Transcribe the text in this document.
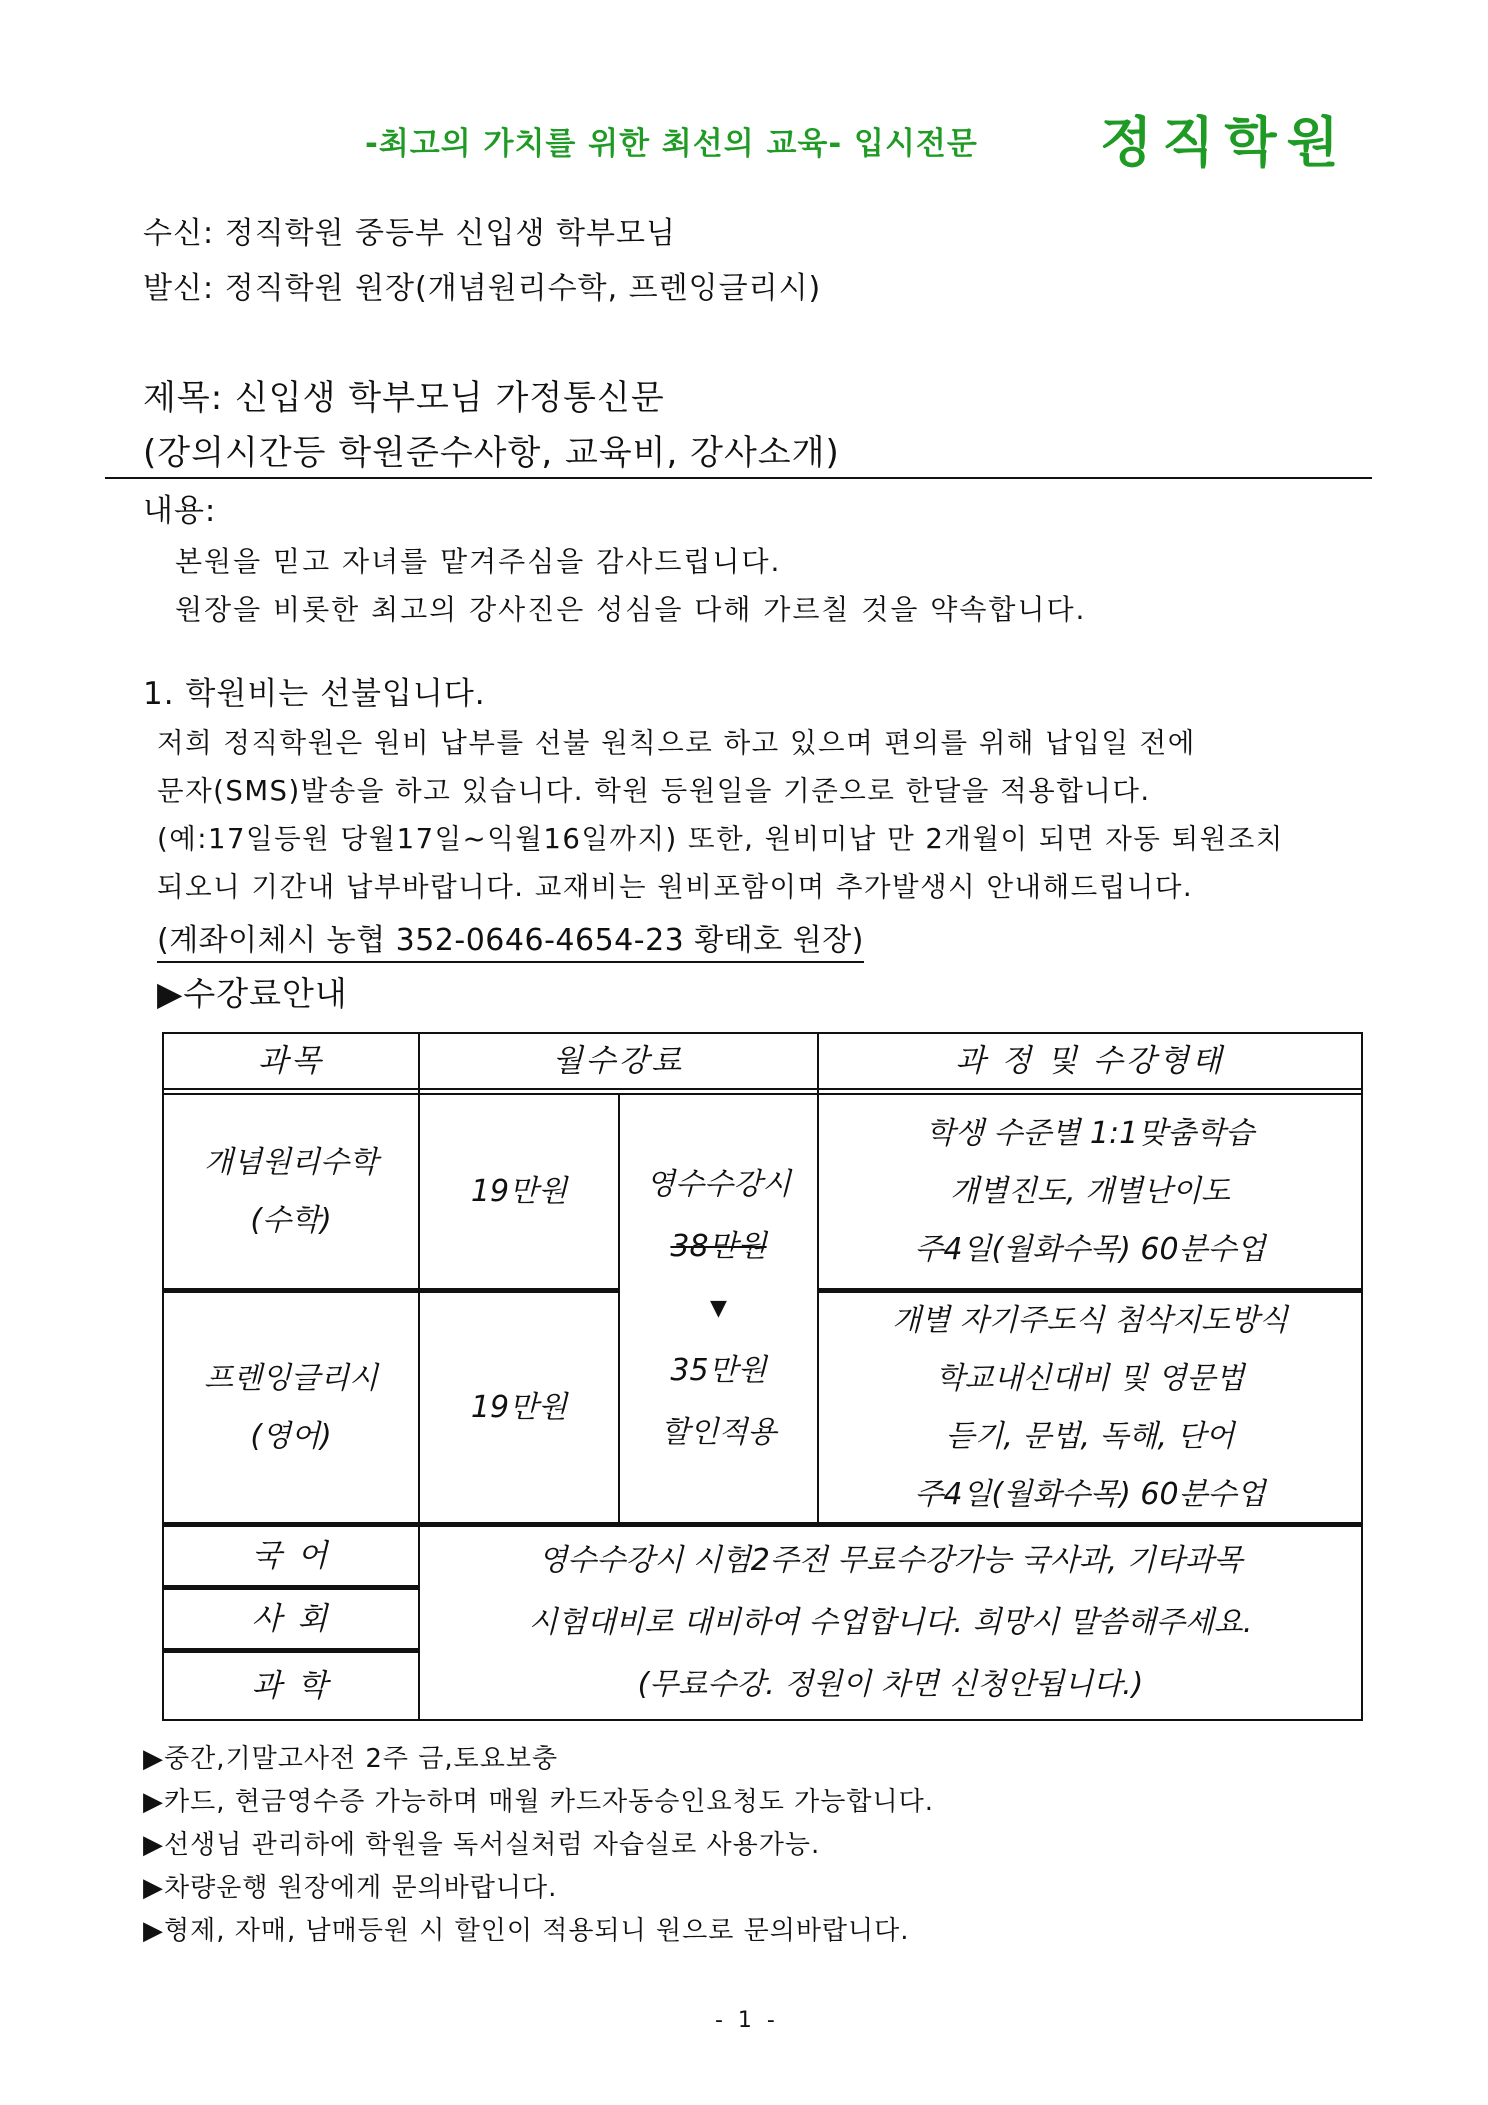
-최고의 가치를 위한 최선의 교육- 입시전문 정직학원
수신: 정직학원 중등부 신입생 학부모님
발신: 정직학원 원장(개념원리수학, 프렌잉글리시)
제목: 신입생 학부모님 가정통신문
(강의시간등 학원준수사항, 교육비, 강사소개)
내용:
본원을 믿고 자녀를 맡겨주심을 감사드립니다.
원장을 비롯한 최고의 강사진은 성심을 다해 가르칠 것을 약속합니다.
1. 학원비는 선불입니다.
저희 정직학원은 원비 납부를 선불 원칙으로 하고 있으며 편의를 위해 납입일 전에
문자(SMS)발송을 하고 있습니다. 학원 등원일을 기준으로 한달을 적용합니다.
(예:17일등원 당월17일~익월16일까지) 또한, 원비미납 만 2개월이 되면 자동 퇴원조치
되오니 기간내 납부바랍니다. 교재비는 원비포함이며 추가발생시 안내해드립니다.
(계좌이체시 농협 352-0646-4654-23 황태호 원장)
▶수강료안내
과목	월수강료	과 정 및 수강형태
개념원리수학
(수학)
19만원
학생 수준별 1:1맞춤학습
개별진도, 개별난이도
주4일(월화수목) 60분수업
영수수강시
38만원
▼
35만원
할인적용
프렌잉글리시
(영어)
19만원
개별 자기주도식 첨삭지도방식
학교내신대비 및 영문법
듣기, 문법, 독해, 단어
주4일(월화수목) 60분수업
국 어
사 회
과 학
영수수강시 시험2주전 무료수강가능 국사과, 기타과목
시험대비로 대비하여 수업합니다. 희망시 말씀해주세요.
(무료수강. 정원이 차면 신청안됩니다.)
▶중간,기말고사전 2주 금,토요보충
▶카드, 현금영수증 가능하며 매월 카드자동승인요청도 가능합니다.
▶선생님 관리하에 학원을 독서실처럼 자습실로 사용가능.
▶차량운행 원장에게 문의바랍니다.
▶형제, 자매, 남매등원 시 할인이 적용되니 원으로 문의바랍니다.
- 1 -
